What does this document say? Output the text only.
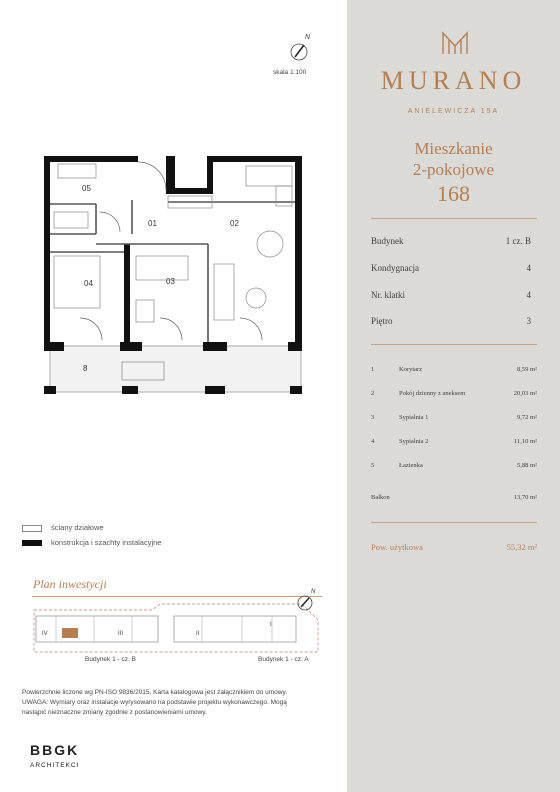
MURANO
ANIELEWICZA 15A
Mieszkanie
2-pokojowe
168
Budynek	1 cz. B
Kondygnacja	4
Nr. klatki	4
Piętro	3
1	Korytarz	8,59 m²
2	Pokój dzienny z aneksem	20,03 m²
3	Sypialnia 1	9,72 m²
4	Sypialnia 2	11,10 m²
5	Łazienka	5,88 m²
Balkon	13,70 m²
Pow. użytkowa	55,32 m²
N
skala 1:100
05
01	02
04	03
8
ściany działowe
konstrukcja i szachty instalacyjne
Plan inwestycji
IV	III	II
I
N
Budynek 1 - cz. B	Budynek 1 - cz. A
Powierzchnie liczone wg PN-ISO 9836/2015. Karta katalogowa jest załącznikiem do umowy.
UWAGA: Wymiary oraz instalacje wyrysowano na podstawie projektu wykonawczego. Mogą
nastąpić nieznaczne zmiany zgodnie z postanowieniami umowy.
BBGK
ARCHITEKCI
